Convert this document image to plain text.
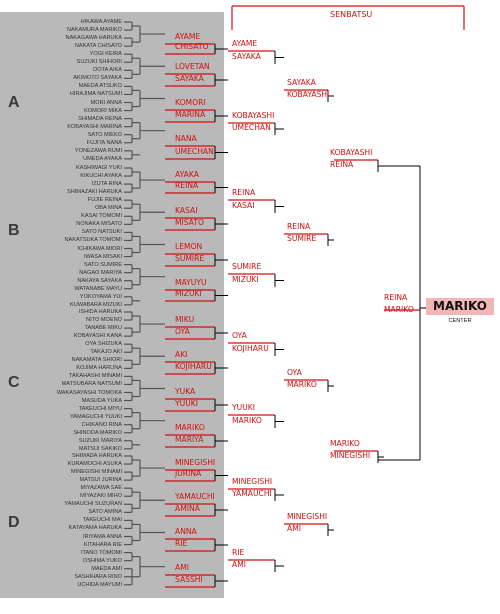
A
HIKAWA AYAME
NAKAMURA MARIKO
NAKAGAWA HARUKA
NAKATA CHISATO
YOGI KEIRA
SUZUKI SHIHORI
OOTA AIKA
AKIMOTO SAYAKA
MAEDA ATSUKO
HIRAJIMA NATSUMI
MORI ANNA
KOMORI MIKA
SHIMADA REINA
KOBAYASHI MARINA
SATO MIEKO
FUJITA NANA
YONEZAWA RUMI
UMEDA AYAKA
B
KASHIWAGI YUKI
KIKUCHI AYAKA
IZUTA RINA
SHIMAZAKI HARUKA
FUJIE REINA
OBA MINA
KASAI TOMOMI
NONAKA MISATO
SATO NATSUKI
NAKATSUKA TOMOMI
ICHIKAWA MIORI
IWASA MISAKI
SATO SUMIRE
NAGAO MARIYA
NAKAYA SAYAKA
WATANABE MAYU
YOKOYAMA YUI
KUWABARA MIZUKI
C
ISHIDA HARUKA
NITO MOENO
TANABE MIKU
KOBAYASHI KANA
OYA SHIZUKA
TAKAJO AKI
NAKAMATA SHIORI
KOJIMA HARUNA
TAKAHASHI MINAMI
MATSUBARA NATSUMI
WAKASAYASHI TOMOKA
MASUDA YUKA
TAKEUCHI MIYU
YAMAGUCHI YUUKI
CHIKANO RINA
SHINODA MARIKO
SUZUKI MARIYA
MATSUI SAKIKO
D
SHIMADA HARUKA
KURAMOCHI ASUKA
MINEGISHI MINAMI
MATSUI JURINA
MIYAZAWA SAE
MIYAZAKI MIHO
YAMAUCHI SUZURAN
SATO AMINA
TAKEUCHI MAI
KATAYAMA HARUKA
IRIYAMA ANNA
KITAHARA RIE
ITANO TOMOMI
OSHIMA YUKO
MAEDA AMI
SASHIHARA RINO
UCHIDA MAYUMI
AYAME
CHISATO
LOVETAN
SAYAKA
KOMORI
MARINA
NANA
UMECHAN
AYAKA
REINA
KASAI
MISATO
LEMON
SUMIRE
MAYUYU
MIZUKI
MIKU
OYA
AKI
KOJIHARU
YUKA
YUUKI
MARIKO
MARIYA
MINEGISHI
JURINA
YAMAUCHI
AMINA
ANNA
RIE
AMI
SASSHI
AYAME
SAYAKA
KOBAYASHI
UMECHAN
REINA
KASAI
SUMIRE
MIZUKI
OYA
KOJIHARU
YUUKI
MARIKO
MINEGISHI
YAMAUCHI
RIE
AMI
SAYAKA
KOBAYASHI
REINA
SUMIRE
OYA
MARIKO
MINEGISHI
AMI
KOBAYASHI
REINA
MARIKO
MINEGISHI
REINA
MARIKO
SENBATSU
MARIKO
CENTER
